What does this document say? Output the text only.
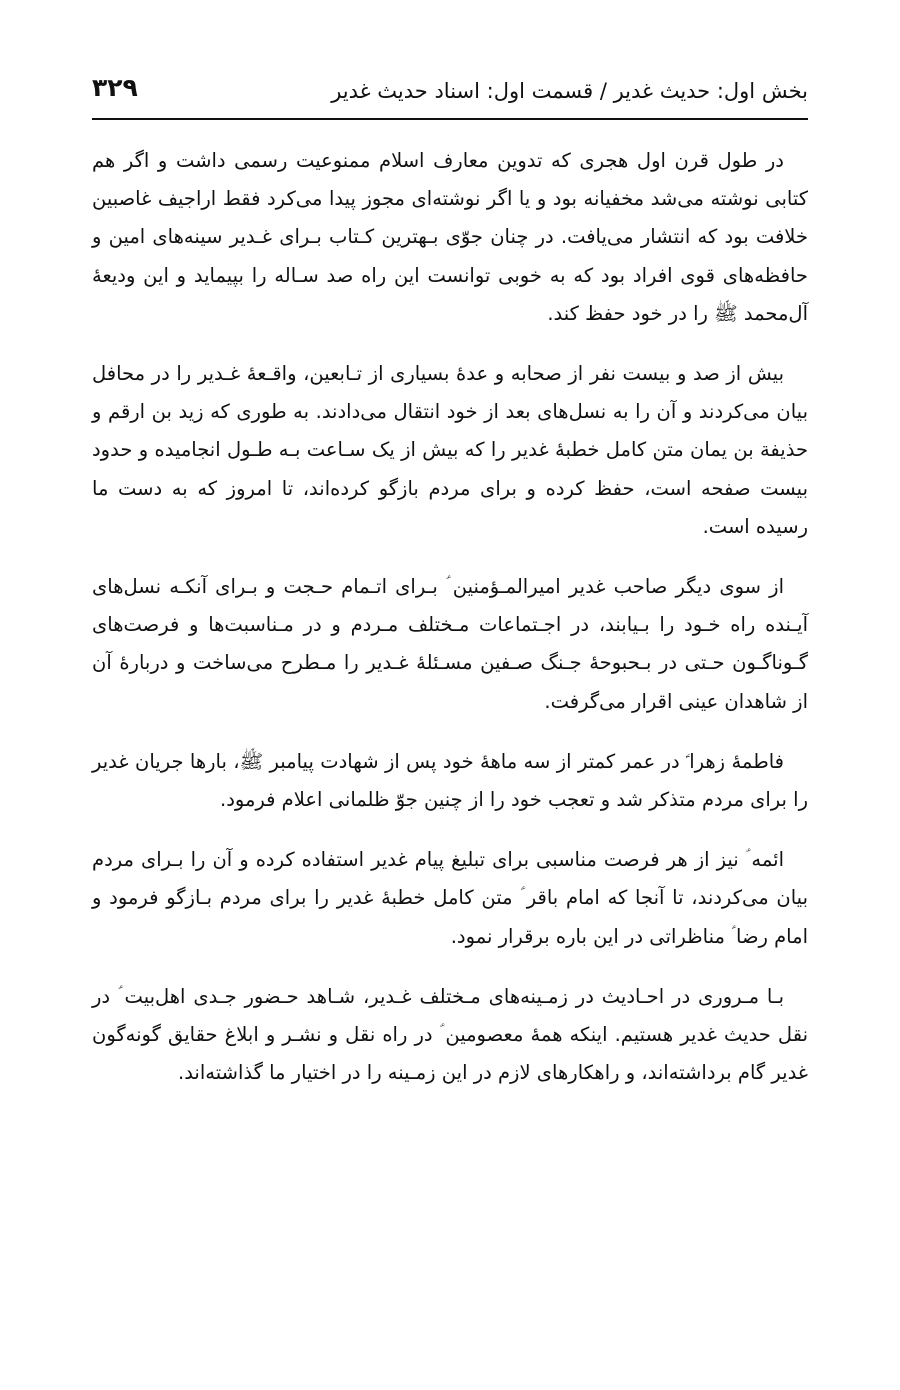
بخش اول: حدیث غدیر / قسمت اول: اسناد حدیث غدیر
۳۲۹

در طول قرن اول هجری که تدوین معارف اسلام ممنوعیت رسمی داشت و اگر هم کتابی نوشته می‌شد مخفیانه بود و یا اگر نوشته‌ای مجوز پیدا می‌کرد فقط اراجیف غاصبین خلافت بود که انتشار می‌یافت. در چنان جوّی بـهترین کـتاب بـرای غـدیر سینه‌های امین و حافظه‌های قوی افراد بود که به خوبی توانست این راه صد سـاله را بپیماید و این ودیعهٔ آل‌محمد ﷺ را در خود حفظ کند.

بیش از صد و بیست نفر از صحابه و عدهٔ بسیاری از تـابعین، واقـعهٔ غـدیر را در محافل بیان می‌کردند و آن را به نسل‌های بعد از خود انتقال می‌دادند. به طوری که زید بن ارقم و حذیفة بن یمان متن کامل خطبهٔ غدیر را که بیش از یک سـاعت بـه طـول انجامیده و حدود بیست صفحه است، حفظ کرده و برای مردم بازگو کرده‌اند، تا امروز که به دست ما رسیده است.

از سوی دیگر صاحب غدیر امیرالمـؤمنین ؑ بـرای اتـمام حـجت و بـرای آنکـه نسل‌های آیـنده راه خـود را بـیابند، در اجـتماعات مـختلف مـردم و در مـناسبت‌ها و فرصت‌های گـوناگـون حـتی در بـحبوحهٔ جـنگ صـفین مسـئلهٔ غـدیر را مـطرح می‌ساخت و دربارهٔ آن از شاهدان عینی اقرار می‌گرفت.

فاطمهٔ زهرا ؑ در عمر کمتر از سه ماههٔ خود پس از شهادت پیامبر ﷺ، بارها جریان غدیر را برای مردم متذکر شد و تعجب خود را از چنین جوّ ظلمانی اعلام فرمود.

ائمه ؑ نیز از هر فرصت مناسبی برای تبلیغ پیام غدیر استفاده کرده و آن را بـرای مردم بیان می‌کردند، تا آنجا که امام باقر ؑ متن کامل خطبهٔ غدیر را برای مردم بـازگو فرمود و امام رضا ؑ مناظراتی در این باره برقرار نمود.

بـا مـروری در احـادیث در زمـینه‌های مـختلف غـدیر، شـاهد حـضور جـدی اهل‌بیت ؑ در نقل حدیث غدیر هستیم. اینکه همهٔ معصومین ؑ در راه نقل و نشـر و ابلاغ حقایق گونه‌گون غدیر گام برداشته‌اند، و راهکارهای لازم در این زمـینه را در اختیار ما گذاشته‌اند.
